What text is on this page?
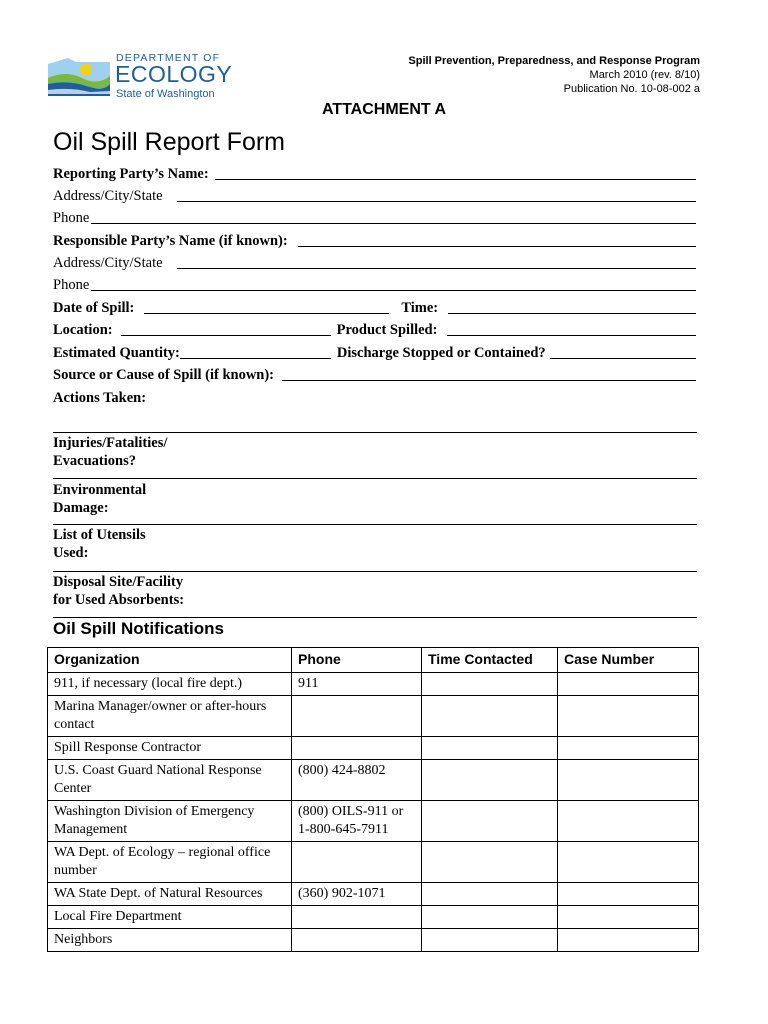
DEPARTMENT OF
ECOLOGY
State of Washington
Spill Prevention, Preparedness, and Response Program
March 2010 (rev. 8/10)
Publication No. 10-08-002 a
ATTACHMENT A
Oil Spill Report Form
Reporting Party’s Name:
Address/City/State
Phone
Responsible Party’s Name (if known):
Address/City/State
Phone
Date of Spill:	Time:
Location:	Product Spilled:
Estimated Quantity:	Discharge Stopped or Contained?
Source or Cause of Spill (if known):
Actions Taken:
Injuries/Fatalities/
Evacuations?
Environmental
Damage:
List of Utensils
Used:
Disposal Site/Facility
for Used Absorbents:
Oil Spill Notifications
Organization	Phone	Time Contacted	Case Number
911, if necessary (local fire dept.)	911		
Marina Manager/owner or after-hours contact			
Spill Response Contractor			
U.S. Coast Guard National Response Center	(800) 424-8802		
Washington Division of Emergency Management	(800) OILS-911 or 1-800-645-7911		
WA Dept. of Ecology – regional office number			
WA State Dept. of Natural Resources	(360) 902-1071		
Local Fire Department			
Neighbors			
